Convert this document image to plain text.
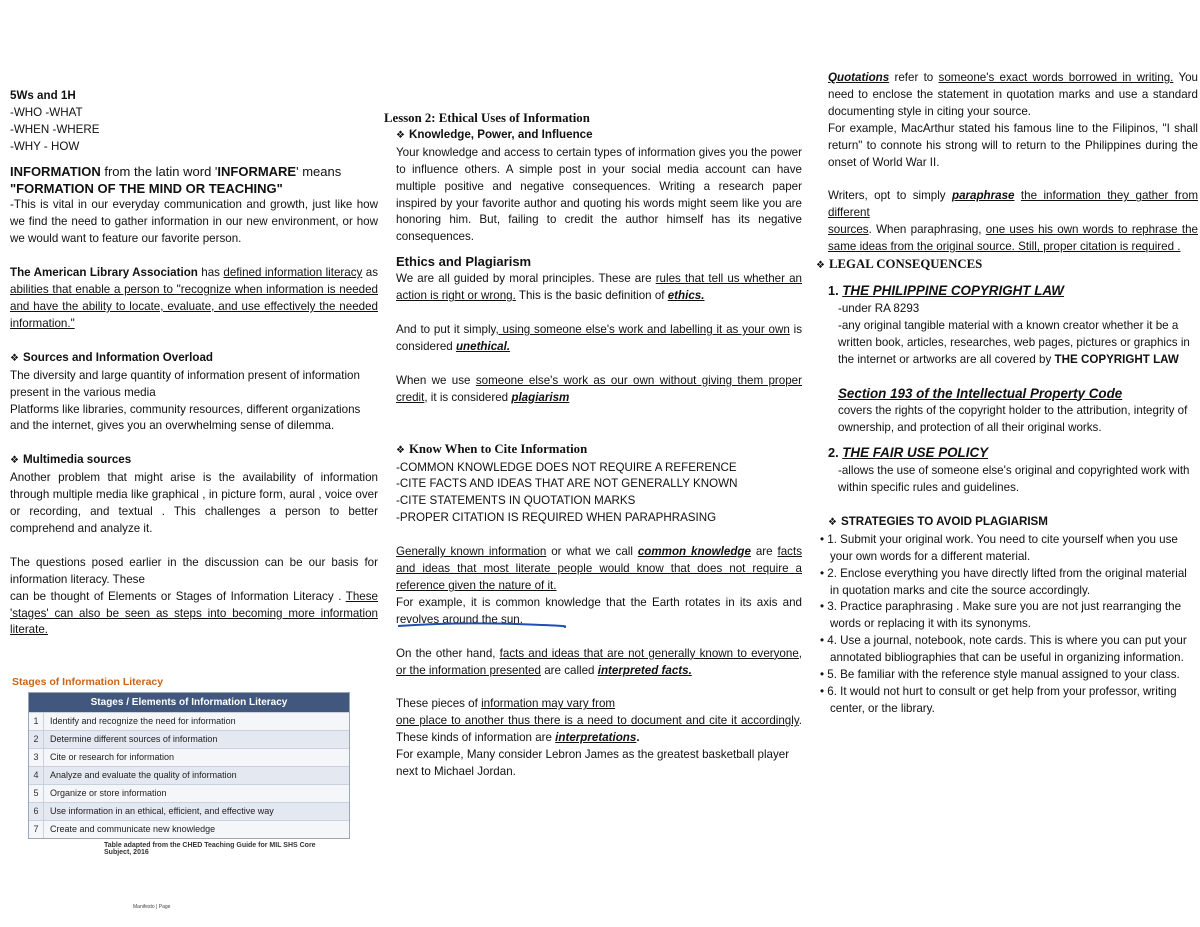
5Ws and 1H

-WHO -WHAT

-WHEN -WHERE

-WHY - HOW

INFORMATION from the latin word 'INFORMARE' means
"FORMATION OF THE MIND OR TEACHING"

-This is vital in our everyday communication and growth, just like how we find the need to gather information in our new environment, or how we would want to feature our favorite person.

The American Library Association has defined information literacy as abilities that enable a person to "recognize when information is needed and have the ability to locate, evaluate, and use effectively the needed information."

❖ Sources and Information Overload

The diversity and large quantity of information present of information present in the various media

Platforms like libraries, community resources, different organizations and the internet, gives you an overwhelming sense of dilemma.

❖ Multimedia sources

Another problem that might arise is the availability of information through multiple media like graphical , in picture form, aural , voice over or recording, and textual . This challenges a person to better comprehend and analyze it.

The questions posed earlier in the discussion can be our basis for information literacy. These
can be thought of Elements or Stages of Information Literacy . These 'stages' can also be seen as steps into becoming more information literate.

Stages of Information Literacy
Stages / Elements of Information Literacy
1	Identify and recognize the need for information
2	Determine different sources of information
3	Cite or research for information
4	Analyze and evaluate the quality of information
5	Organize or store information
6	Use information in an ethical, efficient, and effective way
7	Create and communicate new knowledge
Table adapted from the CHED Teaching Guide for MIL SHS Core Subject, 2016

Lesson 2: Ethical Uses of Information

❖ Knowledge, Power, and Influence

Your knowledge and access to certain types of information gives you the power to influence others. A simple post in your social media account can have multiple positive and negative consequences. Writing a research paper inspired by your favorite author and quoting his words might seem like you are honoring him. But, failing to credit the author himself has its negative consequences.

Ethics and Plagiarism

We are all guided by moral principles. These are rules that tell us whether an action is right or wrong. This is the basic definition of ethics.

And to put it simply, using someone else's work and labelling it as your own is considered unethical.

When we use someone else's work as our own without giving them proper credit, it is considered plagiarism

❖ Know When to Cite Information

-COMMON KNOWLEDGE DOES NOT REQUIRE A REFERENCE

-CITE FACTS AND IDEAS THAT ARE NOT GENERALLY KNOWN

-CITE STATEMENTS IN QUOTATION MARKS

-PROPER CITATION IS REQUIRED WHEN PARAPHRASING

Generally known information or what we call common knowledge are facts and ideas that most literate people would know that does not require a reference given the nature of it.

For example, it is common knowledge that the Earth rotates in its axis and revolves around the sun.

On the other hand, facts and ideas that are not generally known to everyone, or the information presented are called interpreted facts.

These pieces of information may vary from
one place to another thus there is a need to document and cite it accordingly. These kinds of information are interpretations.

For example, Many consider Lebron James as the greatest basketball player next to Michael Jordan.

Quotations refer to someone's exact words borrowed in writing. You need to enclose the statement in quotation marks and use a standard documenting style in citing your source.

For example, MacArthur stated his famous line to the Filipinos, "I shall return" to connote his strong will to return to the Philippines during the onset of World War II.

Writers, opt to simply paraphrase the information they gather from different
sources. When paraphrasing, one uses his own words to rephrase the same ideas from the original source. Still, proper citation is required .

❖ LEGAL CONSEQUENCES

1. THE PHILIPPINE COPYRIGHT LAW

-under RA 8293

-any original tangible material with a known creator whether it be a written book, articles, researches, web pages, pictures or graphics in the internet or artworks are all covered by THE COPYRIGHT LAW

Section 193 of the Intellectual Property Code

covers the rights of the copyright holder to the attribution, integrity of ownership, and protection of all their original works.

2. THE FAIR USE POLICY

-allows the use of someone else's original and copyrighted work with within specific rules and guidelines.

❖ STRATEGIES TO AVOID PLAGIARISM

• 1. Submit your original work. You need to cite yourself when you use your own words for a different material.

• 2. Enclose everything you have directly lifted from the original material in quotation marks and cite the source accordingly.

• 3. Practice paraphrasing . Make sure you are not just rearranging the words or replacing it with its synonyms.

• 4. Use a journal, notebook, note cards. This is where you can put your annotated bibliographies that can be useful in organizing information.

• 5. Be familiar with the reference style manual assigned to your class.

• 6. It would not hurt to consult or get help from your professor, writing center, or the library.

Manifesto | Page
